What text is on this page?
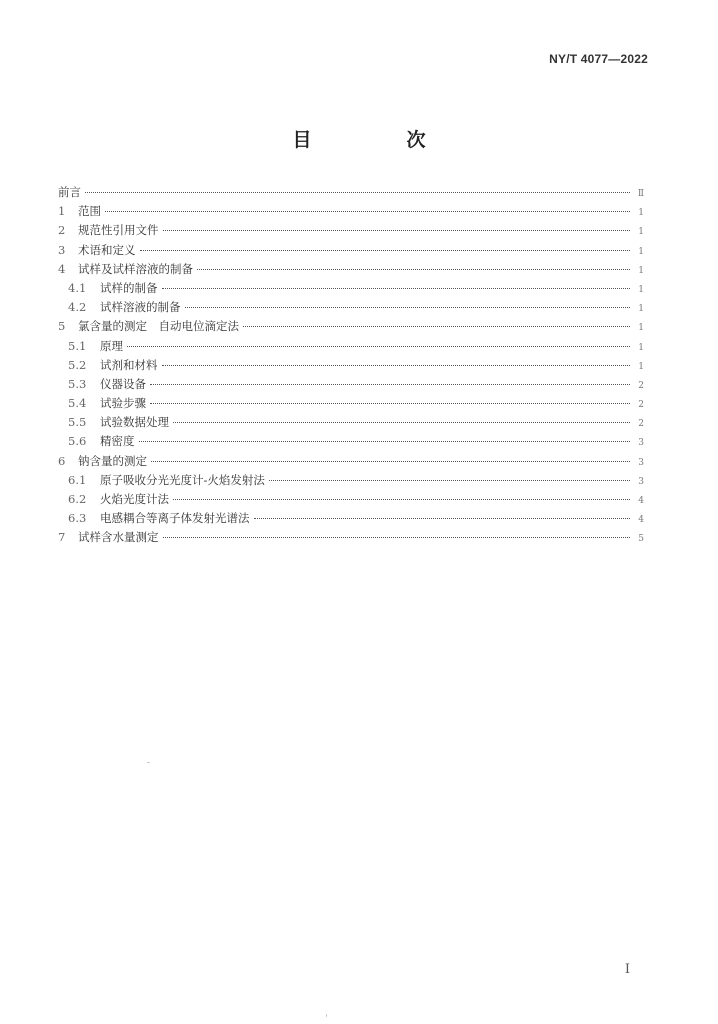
NY/T 4077—2022
目　次
前言	Ⅱ
1	范围	1
2	规范性引用文件	1
3	术语和定义	1
4	试样及试样溶液的制备	1
4.1	试样的制备	1
4.2	试样溶液的制备	1
5	氯含量的测定　自动电位滴定法	1
5.1	原理	1
5.2	试剂和材料	1
5.3	仪器设备	2
5.4	试验步骤	2
5.5	试验数据处理	2
5.6	精密度	3
6	钠含量的测定	3
6.1	原子吸收分光光度计-火焰发射法	3
6.2	火焰光度计法	4
6.3	电感耦合等离子体发射光谱法	4
7	试样含水量测定	5
I
